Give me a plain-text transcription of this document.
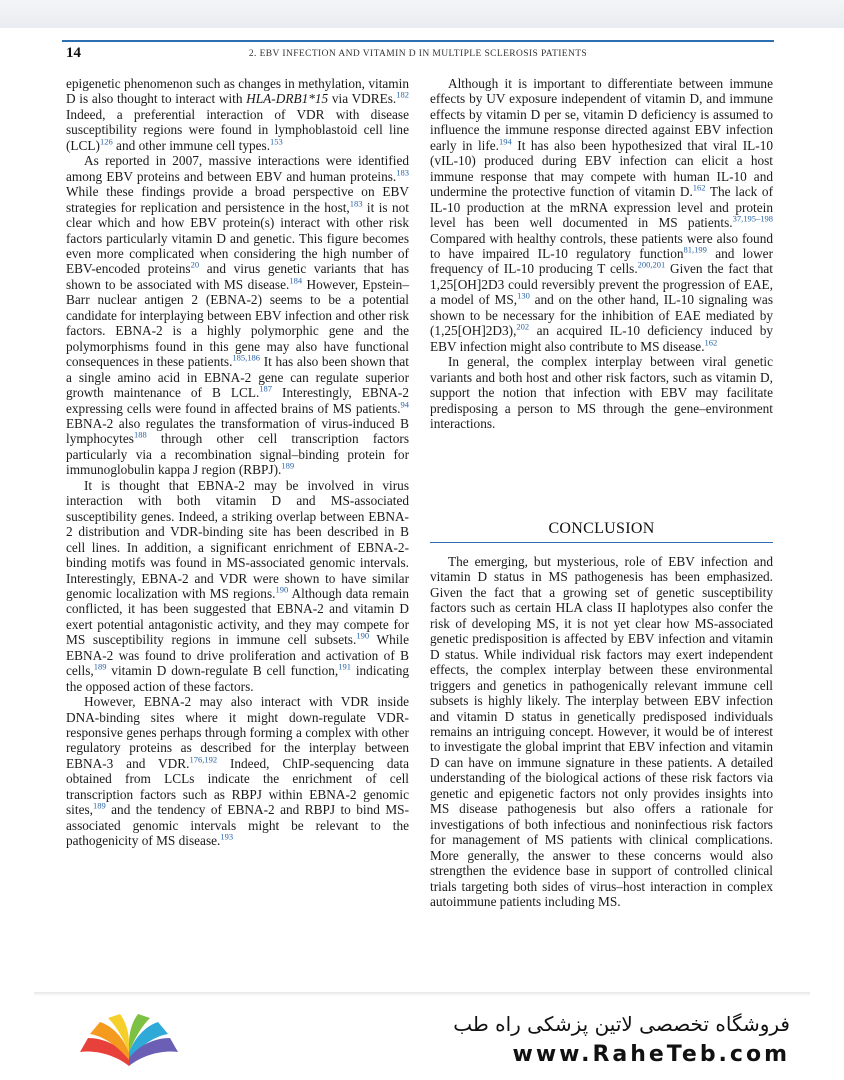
14	2. EBV INFECTION AND VITAMIN D IN MULTIPLE SCLEROSIS PATIENTS

epigenetic phenomenon such as changes in methylation, vitamin D is also thought to interact with HLA-DRB1*15 via VDREs.$^{182}$ Indeed, a preferential interaction of VDR with disease susceptibility regions were found in lymphoblastoid cell line (LCL)$^{126}$ and other immune cell types.$^{153}$

As reported in 2007, massive interactions were identified among EBV proteins and between EBV and human proteins.$^{183}$ While these findings provide a broad perspective on EBV strategies for replication and persistence in the host,$^{183}$ it is not clear which and how EBV protein(s) interact with other risk factors particularly vitamin D and genetic. This figure becomes even more complicated when considering the high number of EBV-encoded proteins$^{20}$ and virus genetic variants that has shown to be associated with MS disease.$^{184}$ However, Epstein–Barr nuclear antigen 2 (EBNA-2) seems to be a potential candidate for interplaying between EBV infection and other risk factors. EBNA-2 is a highly polymorphic gene and the polymorphisms found in this gene may also have functional consequences in these patients.$^{185,186}$ It has also been shown that a single amino acid in EBNA-2 gene can regulate superior growth maintenance of B LCL.$^{187}$ Interestingly, EBNA-2 expressing cells were found in affected brains of MS patients.$^{94}$ EBNA-2 also regulates the transformation of virus-induced B lymphocytes$^{188}$ through other cell transcription factors particularly via a recombination signal–binding protein for immunoglobulin kappa J region (RBPJ).$^{189}$

It is thought that EBNA-2 may be involved in virus interaction with both vitamin D and MS-associated susceptibility genes. Indeed, a striking overlap between EBNA-2 distribution and VDR-binding site has been described in B cell lines. In addition, a significant enrichment of EBNA-2-binding motifs was found in MS-associated genomic intervals. Interestingly, EBNA-2 and VDR were shown to have similar genomic localization with MS regions.$^{190}$ Although data remain conflicted, it has been suggested that EBNA-2 and vitamin D exert potential antagonistic activity, and they may compete for MS susceptibility regions in immune cell subsets.$^{190}$ While EBNA-2 was found to drive proliferation and activation of B cells,$^{189}$ vitamin D down-regulate B cell function,$^{191}$ indicating the opposed action of these factors.

However, EBNA-2 may also interact with VDR inside DNA-binding sites where it might down-regulate VDR-responsive genes perhaps through forming a complex with other regulatory proteins as described for the interplay between EBNA-3 and VDR.$^{176,192}$ Indeed, ChIP-sequencing data obtained from LCLs indicate the enrichment of cell transcription factors such as RBPJ within EBNA-2 genomic sites,$^{189}$ and the tendency of EBNA-2 and RBPJ to bind MS-associated genomic intervals might be relevant to the pathogenicity of MS disease.$^{193}$

Although it is important to differentiate between immune effects by UV exposure independent of vitamin D, and immune effects by vitamin D per se, vitamin D deficiency is assumed to influence the immune response directed against EBV infection early in life.$^{194}$ It has also been hypothesized that viral IL-10 (vIL-10) produced during EBV infection can elicit a host immune response that may compete with human IL-10 and undermine the protective function of vitamin D.$^{162}$ The lack of IL-10 production at the mRNA expression level and protein level has been well documented in MS patients.$^{37,195-198}$ Compared with healthy controls, these patients were also found to have impaired IL-10 regulatory function$^{81,199}$ and lower frequency of IL-10 producing T cells.$^{200,201}$ Given the fact that 1,25[OH]2D3 could reversibly prevent the progression of EAE, a model of MS,$^{130}$ and on the other hand, IL-10 signaling was shown to be necessary for the inhibition of EAE mediated by (1,25[OH]2D3),$^{202}$ an acquired IL-10 deficiency induced by EBV infection might also contribute to MS disease.$^{162}$

In general, the complex interplay between viral genetic variants and both host and other risk factors, such as vitamin D, support the notion that infection with EBV may facilitate predisposing a person to MS through the gene–environment interactions.

CONCLUSION

The emerging, but mysterious, role of EBV infection and vitamin D status in MS pathogenesis has been emphasized. Given the fact that a growing set of genetic susceptibility factors such as certain HLA class II haplotypes also confer the risk of developing MS, it is not yet clear how MS-associated genetic predisposition is affected by EBV infection and vitamin D status. While individual risk factors may exert independent effects, the complex interplay between these environmental triggers and genetics in pathogenically relevant immune cell subsets is highly likely. The interplay between EBV infection and vitamin D status in genetically predisposed individuals remains an intriguing concept. However, it would be of interest to investigate the global imprint that EBV infection and vitamin D can have on immune signature in these patients. A detailed understanding of the biological actions of these risk factors via genetic and epigenetic factors not only provides insights into MS disease pathogenesis but also offers a rationale for investigations of both infectious and noninfectious risk factors for management of MS patients with clinical complications. More generally, the answer to these concerns would also strengthen the evidence base in support of controlled clinical trials targeting both sides of virus–host interaction in complex autoimmune patients including MS.

فروشگاه تخصصی لاتین پزشکی راه طب
www.RaheTeb.com
